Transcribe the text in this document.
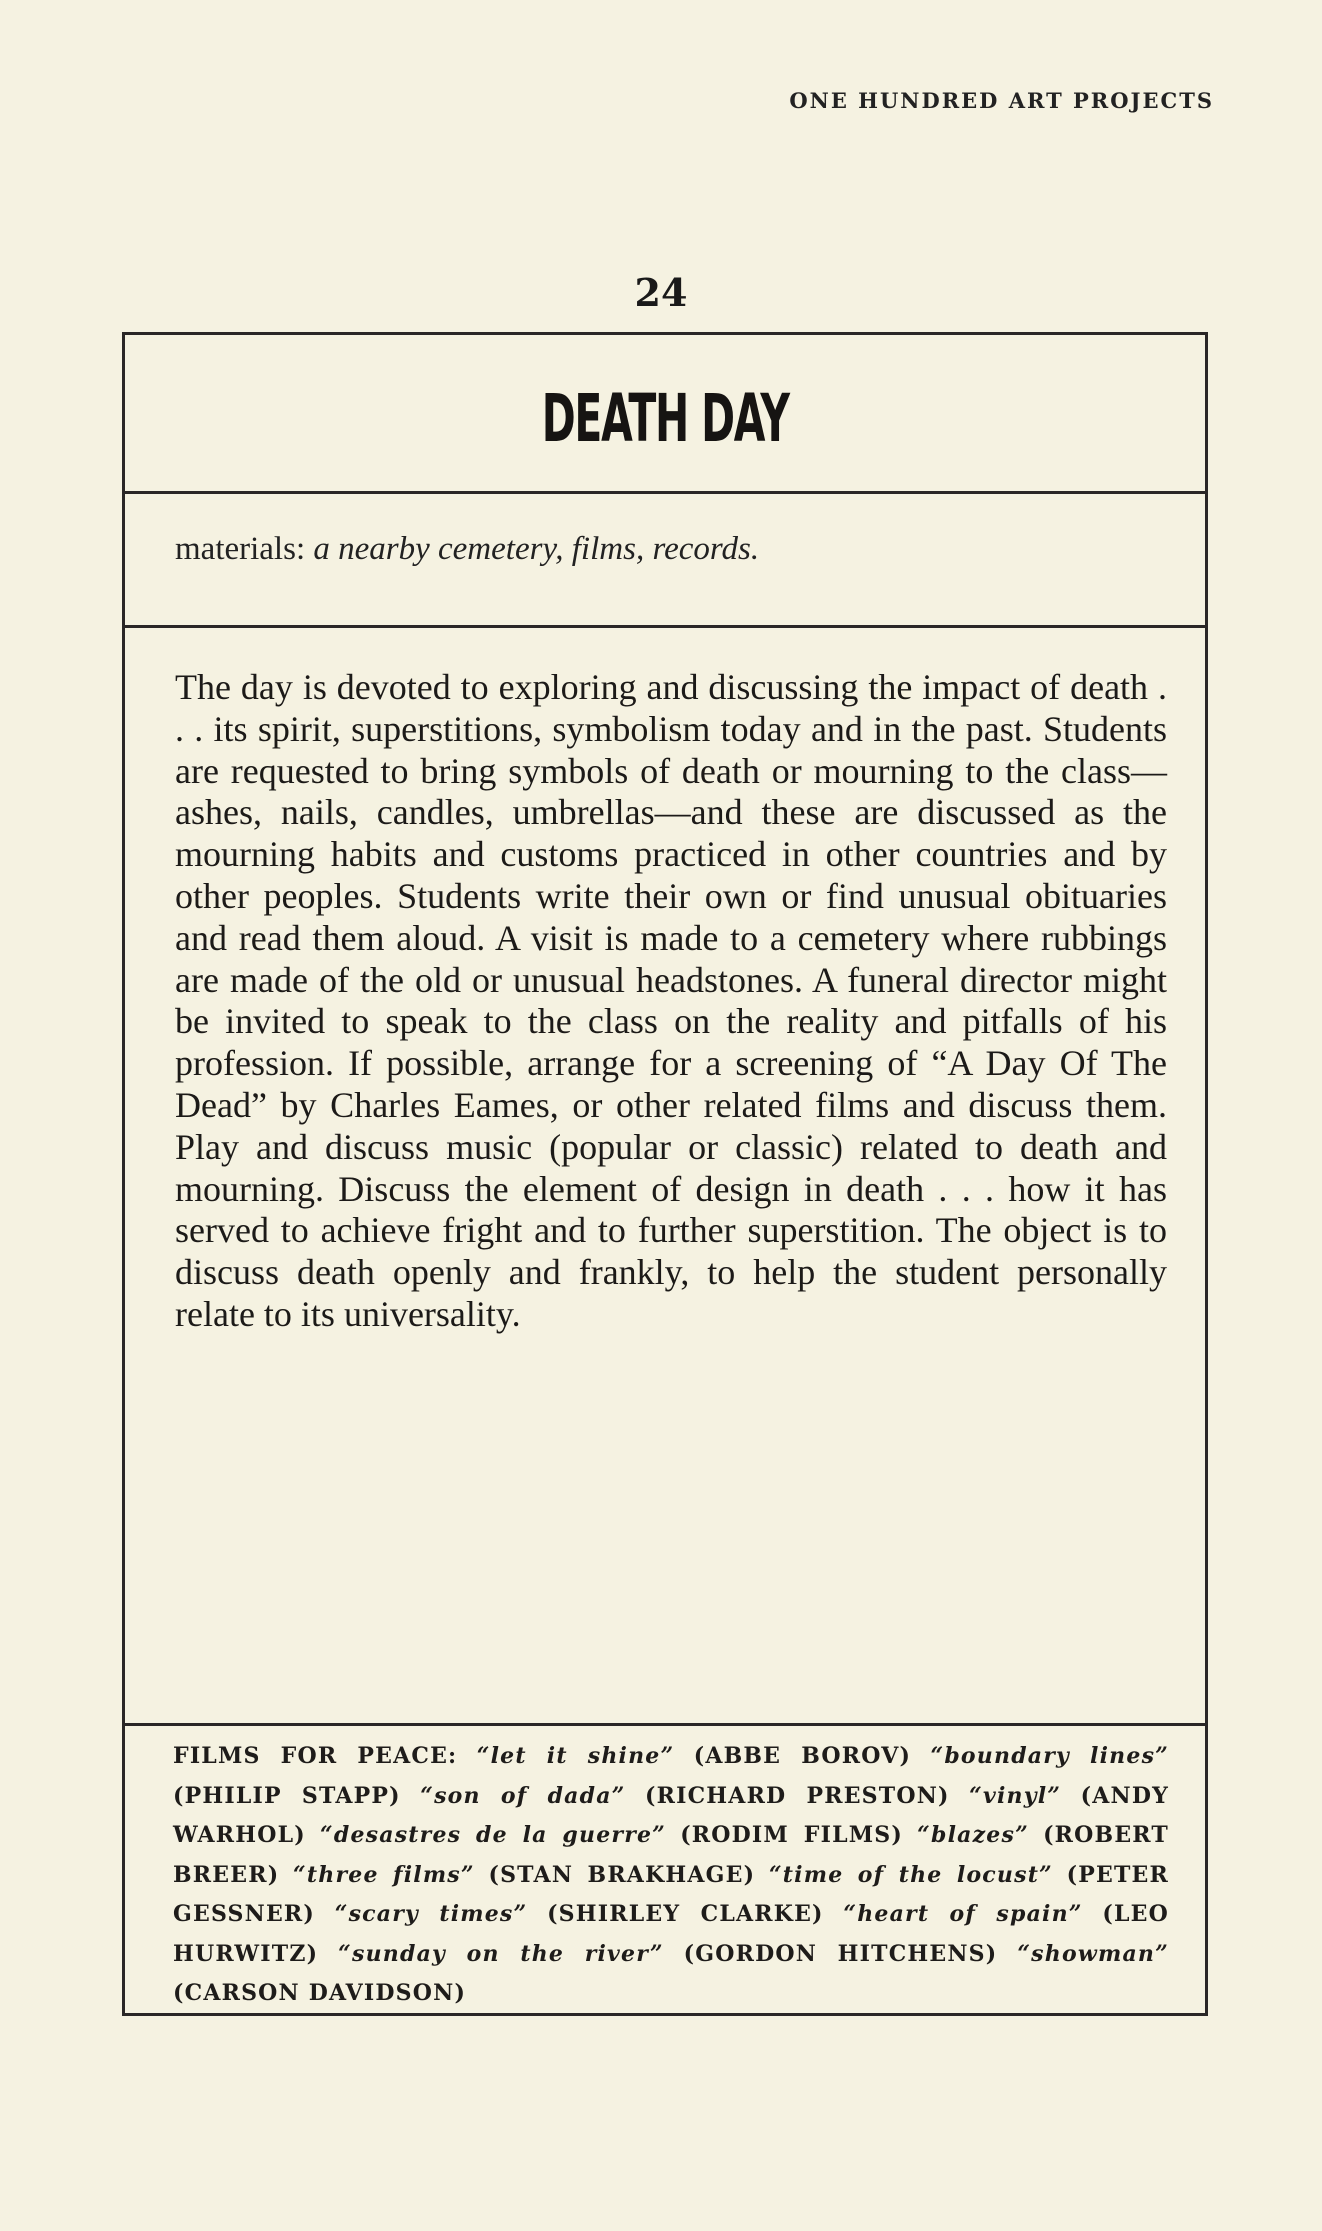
ONE HUNDRED ART PROJECTS
24
DEATH DAY
materials: a nearby cemetery, films, records.
The day is devoted to exploring and discussing the impact of death . . . its spirit, superstitions, symbolism today and in the past. Students are requested to bring symbols of death or mourning to the class—ashes, nails, candles, umbrellas—and these are discussed as the mourning habits and customs practiced in other countries and by other peoples. Students write their own or find unusual obituaries and read them aloud. A visit is made to a cemetery where rubbings are made of the old or unusual headstones. A funeral director might be invited to speak to the class on the reality and pitfalls of his profession. If possible, arrange for a screening of “A Day Of The Dead” by Charles Eames, or other related films and discuss them. Play and discuss music (popular or classic) related to death and mourning. Discuss the element of design in death . . . how it has served to achieve fright and to further superstition. The object is to discuss death openly and frankly, to help the student personally relate to its universality.
FILMS FOR PEACE: “let it shine” (ABBE BOROV) “boundary lines” (PHILIP STAPP) “son of dada” (RICHARD PRESTON) “vinyl” (ANDY WARHOL) “desastres de la guerre” (RODIM FILMS) “blazes” (ROBERT BREER) “three films” (STAN BRAKHAGE) “time of the locust” (PETER GESSNER) “scary times” (SHIRLEY CLARKE) “heart of spain” (LEO HURWITZ) “sunday on the river” (GORDON HITCHENS) “showman” (CARSON DAVIDSON)
